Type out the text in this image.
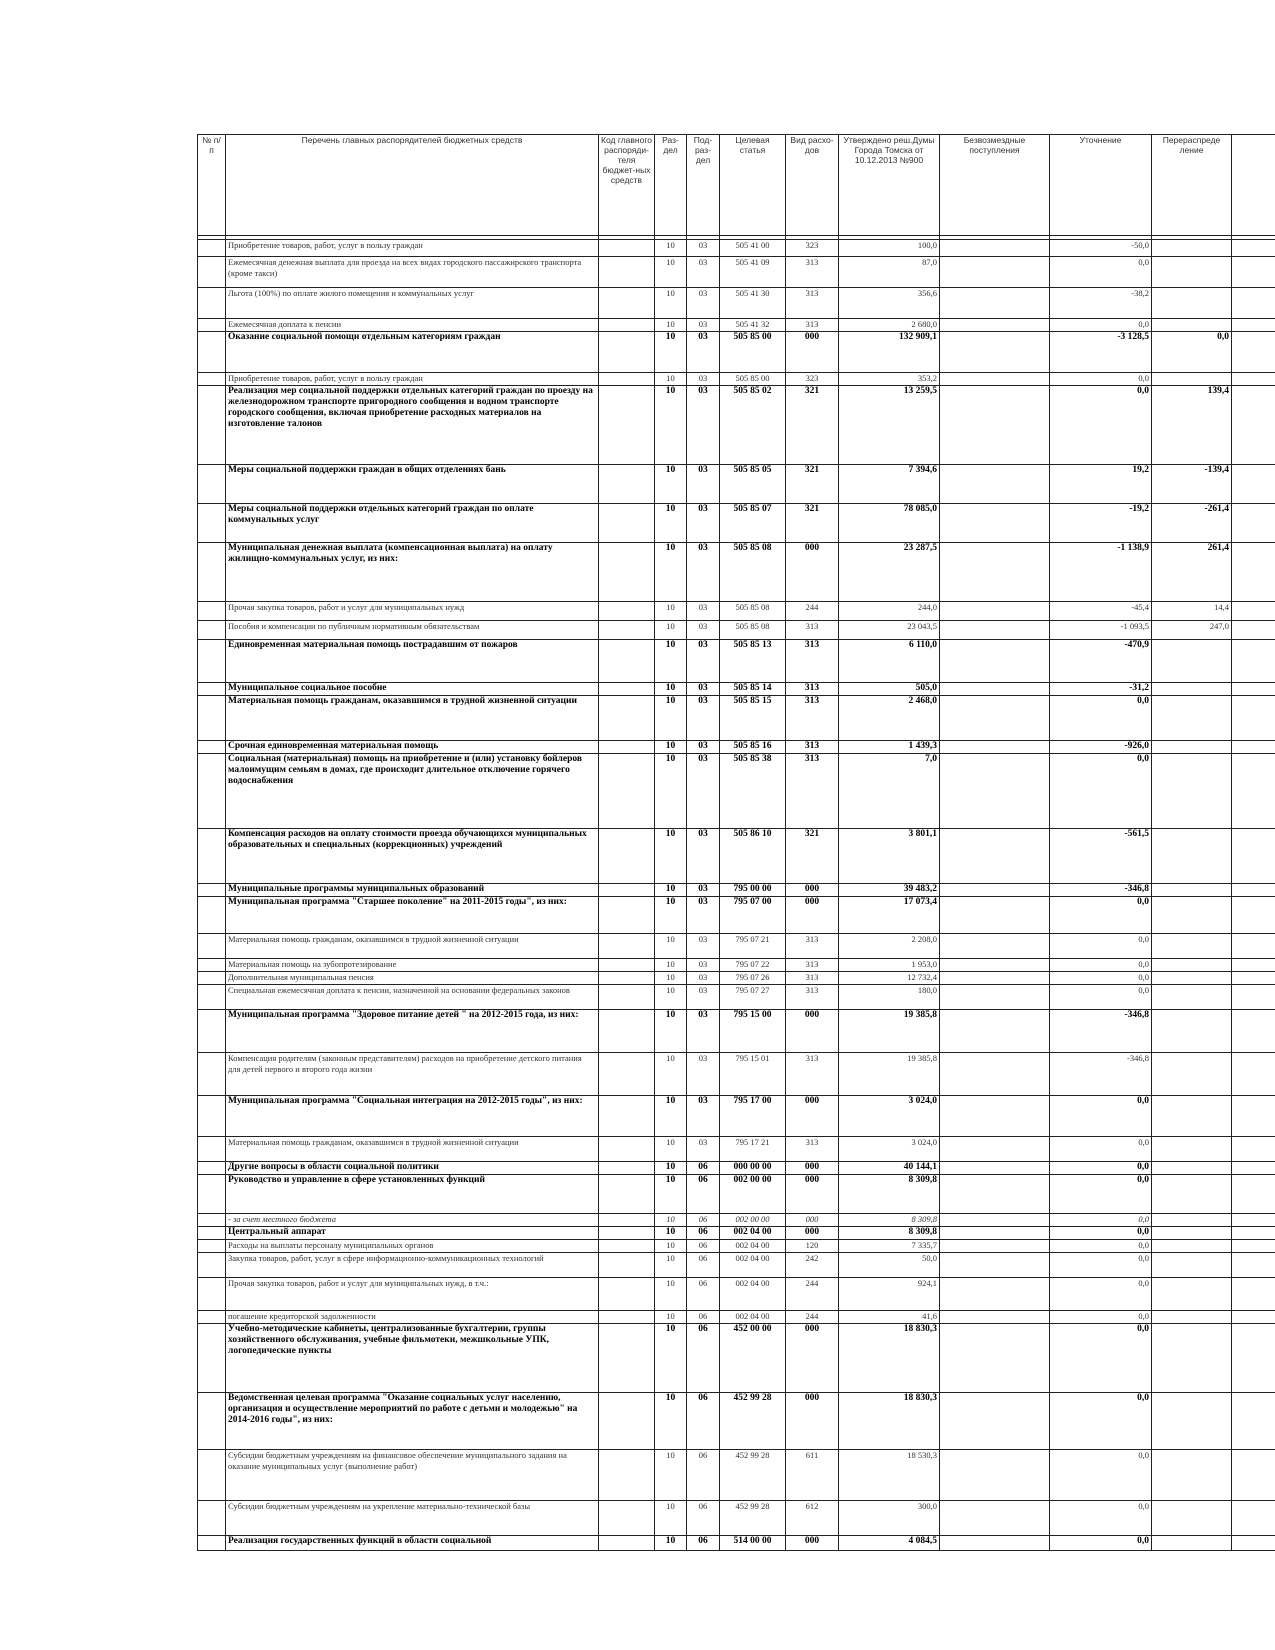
№ п/п	Перечень главных распорядителей бюджетных средств	Код главного распоряди-теля бюджет-ных средств	Раз-дел	Под-раз-дел	Целевая статья	Вид расхо-дов	Утверждено реш.Думы Города Томска от 10.12.2013 №900	Безвозмездные поступления	Уточнение	Перераспреде ление	

	Приобретение товаров, работ, услуг в пользу граждан		10	03	505 41 00	323	100,0		-50,0		
	Ежемесячная денежная выплата для проезда на всех видах городского пассажирского транспорта (кроме такси)		10	03	505 41 09	313	87,0		0,0		
	Льгота (100%) по оплате жилого помещения и коммунальных услуг		10	03	505 41 30	313	356,6		-38,2		
	Ежемесячная доплата к пенсии		10	03	505 41 32	313	2 680,0		0,0		
	Оказание социальной помощи отдельным категориям граждан		10	03	505 85 00	000	132 909,1		-3 128,5	0,0	
	Приобретение товаров, работ, услуг в пользу граждан		10	03	505 85 00	323	353,2		0,0		
	Реализация мер социальной поддержки отдельных категорий граждан по проезду на железнодорожном транспорте пригородного сообщения и водном транспорте городского сообщения, включая приобретение расходных материалов на изготовление талонов		10	03	505 85 02	321	13 259,5		0,0	139,4	
	Меры социальной поддержки граждан в общих отделениях бань		10	03	505 85 05	321	7 394,6		19,2	-139,4	
	Меры социальной поддержки отдельных категорий граждан по оплате коммунальных услуг		10	03	505 85 07	321	78 085,0		-19,2	-261,4	
	Муниципальная денежная выплата (компенсационная выплата) на оплату жилищно-коммунальных услуг, из них:		10	03	505 85 08	000	23 287,5		-1 138,9	261,4	
	Прочая закупка товаров, работ и услуг для муниципальных нужд		10	03	505 85 08	244	244,0		-45,4	14,4	
	Пособия и компенсации по публичным нормативным обязательствам		10	03	505 85 08	313	23 043,5		-1 093,5	247,0	
	Единовременная материальная помощь пострадавшим от пожаров		10	03	505 85 13	313	6 110,0		-470,9		
	Муниципальное социальное пособие		10	03	505 85 14	313	505,0		-31,2		
	Материальная помощь гражданам, оказавшимся в трудной жизненной ситуации		10	03	505 85 15	313	2 468,0		0,0		
	Срочная единовременная материальная помощь		10	03	505 85 16	313	1 439,3		-926,0		
	Социальная (материальная) помощь на приобретение и (или) установку бойлеров малоимущим семьям в домах, где происходит длительное отключение горячего водоснабжения		10	03	505 85 38	313	7,0		0,0		
	Компенсация расходов на оплату стоимости проезда обучающихся муниципальных образовательных и специальных (коррекционных) учреждений		10	03	505 86 10	321	3 801,1		-561,5		
	Муниципальные программы муниципальных образований		10	03	795 00 00	000	39 483,2		-346,8		
	Муниципальная программа "Старшее поколение" на 2011-2015 годы", из них:		10	03	795 07 00	000	17 073,4		0,0		
	Материальная помощь гражданам, оказавшимся в трудной жизненной ситуации		10	03	795 07 21	313	2 208,0		0,0		
	Материальная помощь на зубопротезирование		10	03	795 07 22	313	1 953,0		0,0		
	Дополнительная муниципальная пенсия		10	03	795 07 26	313	12 732,4		0,0		
	Специальная ежемесячная доплата к пенсии, назначенной на основании федеральных законов		10	03	795 07 27	313	180,0		0,0		
	Муниципальная программа "Здоровое питание детей " на 2012-2015 года, из них:		10	03	795 15 00	000	19 385,8		-346,8		
	Компенсация родителям (законным представителям) расходов на приобретение детского питания для детей первого и второго года жизни		10	03	795 15 01	313	19 385,8		-346,8		
	Муниципальная программа "Социальная интеграция на 2012-2015 годы", из них:		10	03	795 17 00	000	3 024,0		0,0		
	Материальная помощь гражданам, оказавшимся в трудной жизненной ситуации		10	03	795 17 21	313	3 024,0		0,0		
	Другие вопросы в области социальной политики		10	06	000 00 00	000	40 144,1		0,0		
	Руководство и управление в сфере установленных функций		10	06	002 00 00	000	8 309,8		0,0		
	- за счет местного бюджета		10	06	002 00 00	000	8 309,8		0,0		
	Центральный аппарат		10	06	002 04 00	000	8 309,8		0,0		
	Расходы на выплаты персоналу муниципальных органов		10	06	002 04 00	120	7 335,7		0,0		
	Закупка товаров, работ, услуг в сфере информационно-коммуникационных технологий		10	06	002 04 00	242	50,0		0,0		
	Прочая закупка товаров, работ и услуг для муниципальных нужд, в т.ч.:		10	06	002 04 00	244	924,1		0,0		
	погашение кредиторской задолженности		10	06	002 04 00	244	41,6		0,0		
	Учебно-методические кабинеты, централизованные бухгалтерии, группы хозяйственного обслуживания, учебные фильмотеки, межшкольные УПК, логопедические пункты		10	06	452 00 00	000	18 830,3		0,0		
	Ведомственная целевая программа "Оказание социальных услуг населению, организация и осуществление мероприятий по работе с детьми и молодежью" на 2014-2016 годы", из них:		10	06	452 99 28	000	18 830,3		0,0		
	Субсидии бюджетным учреждениям на финансовое обеспечение муниципального задания на оказание муниципальных услуг (выполнение работ)		10	06	452 99 28	611	18 530,3		0,0		
	Субсидии бюджетным учреждениям на укрепление материально-технической базы		10	06	452 99 28	612	300,0		0,0		
	Реализация государственных функций в области социальной		10	06	514 00 00	000	4 084,5		0,0		
